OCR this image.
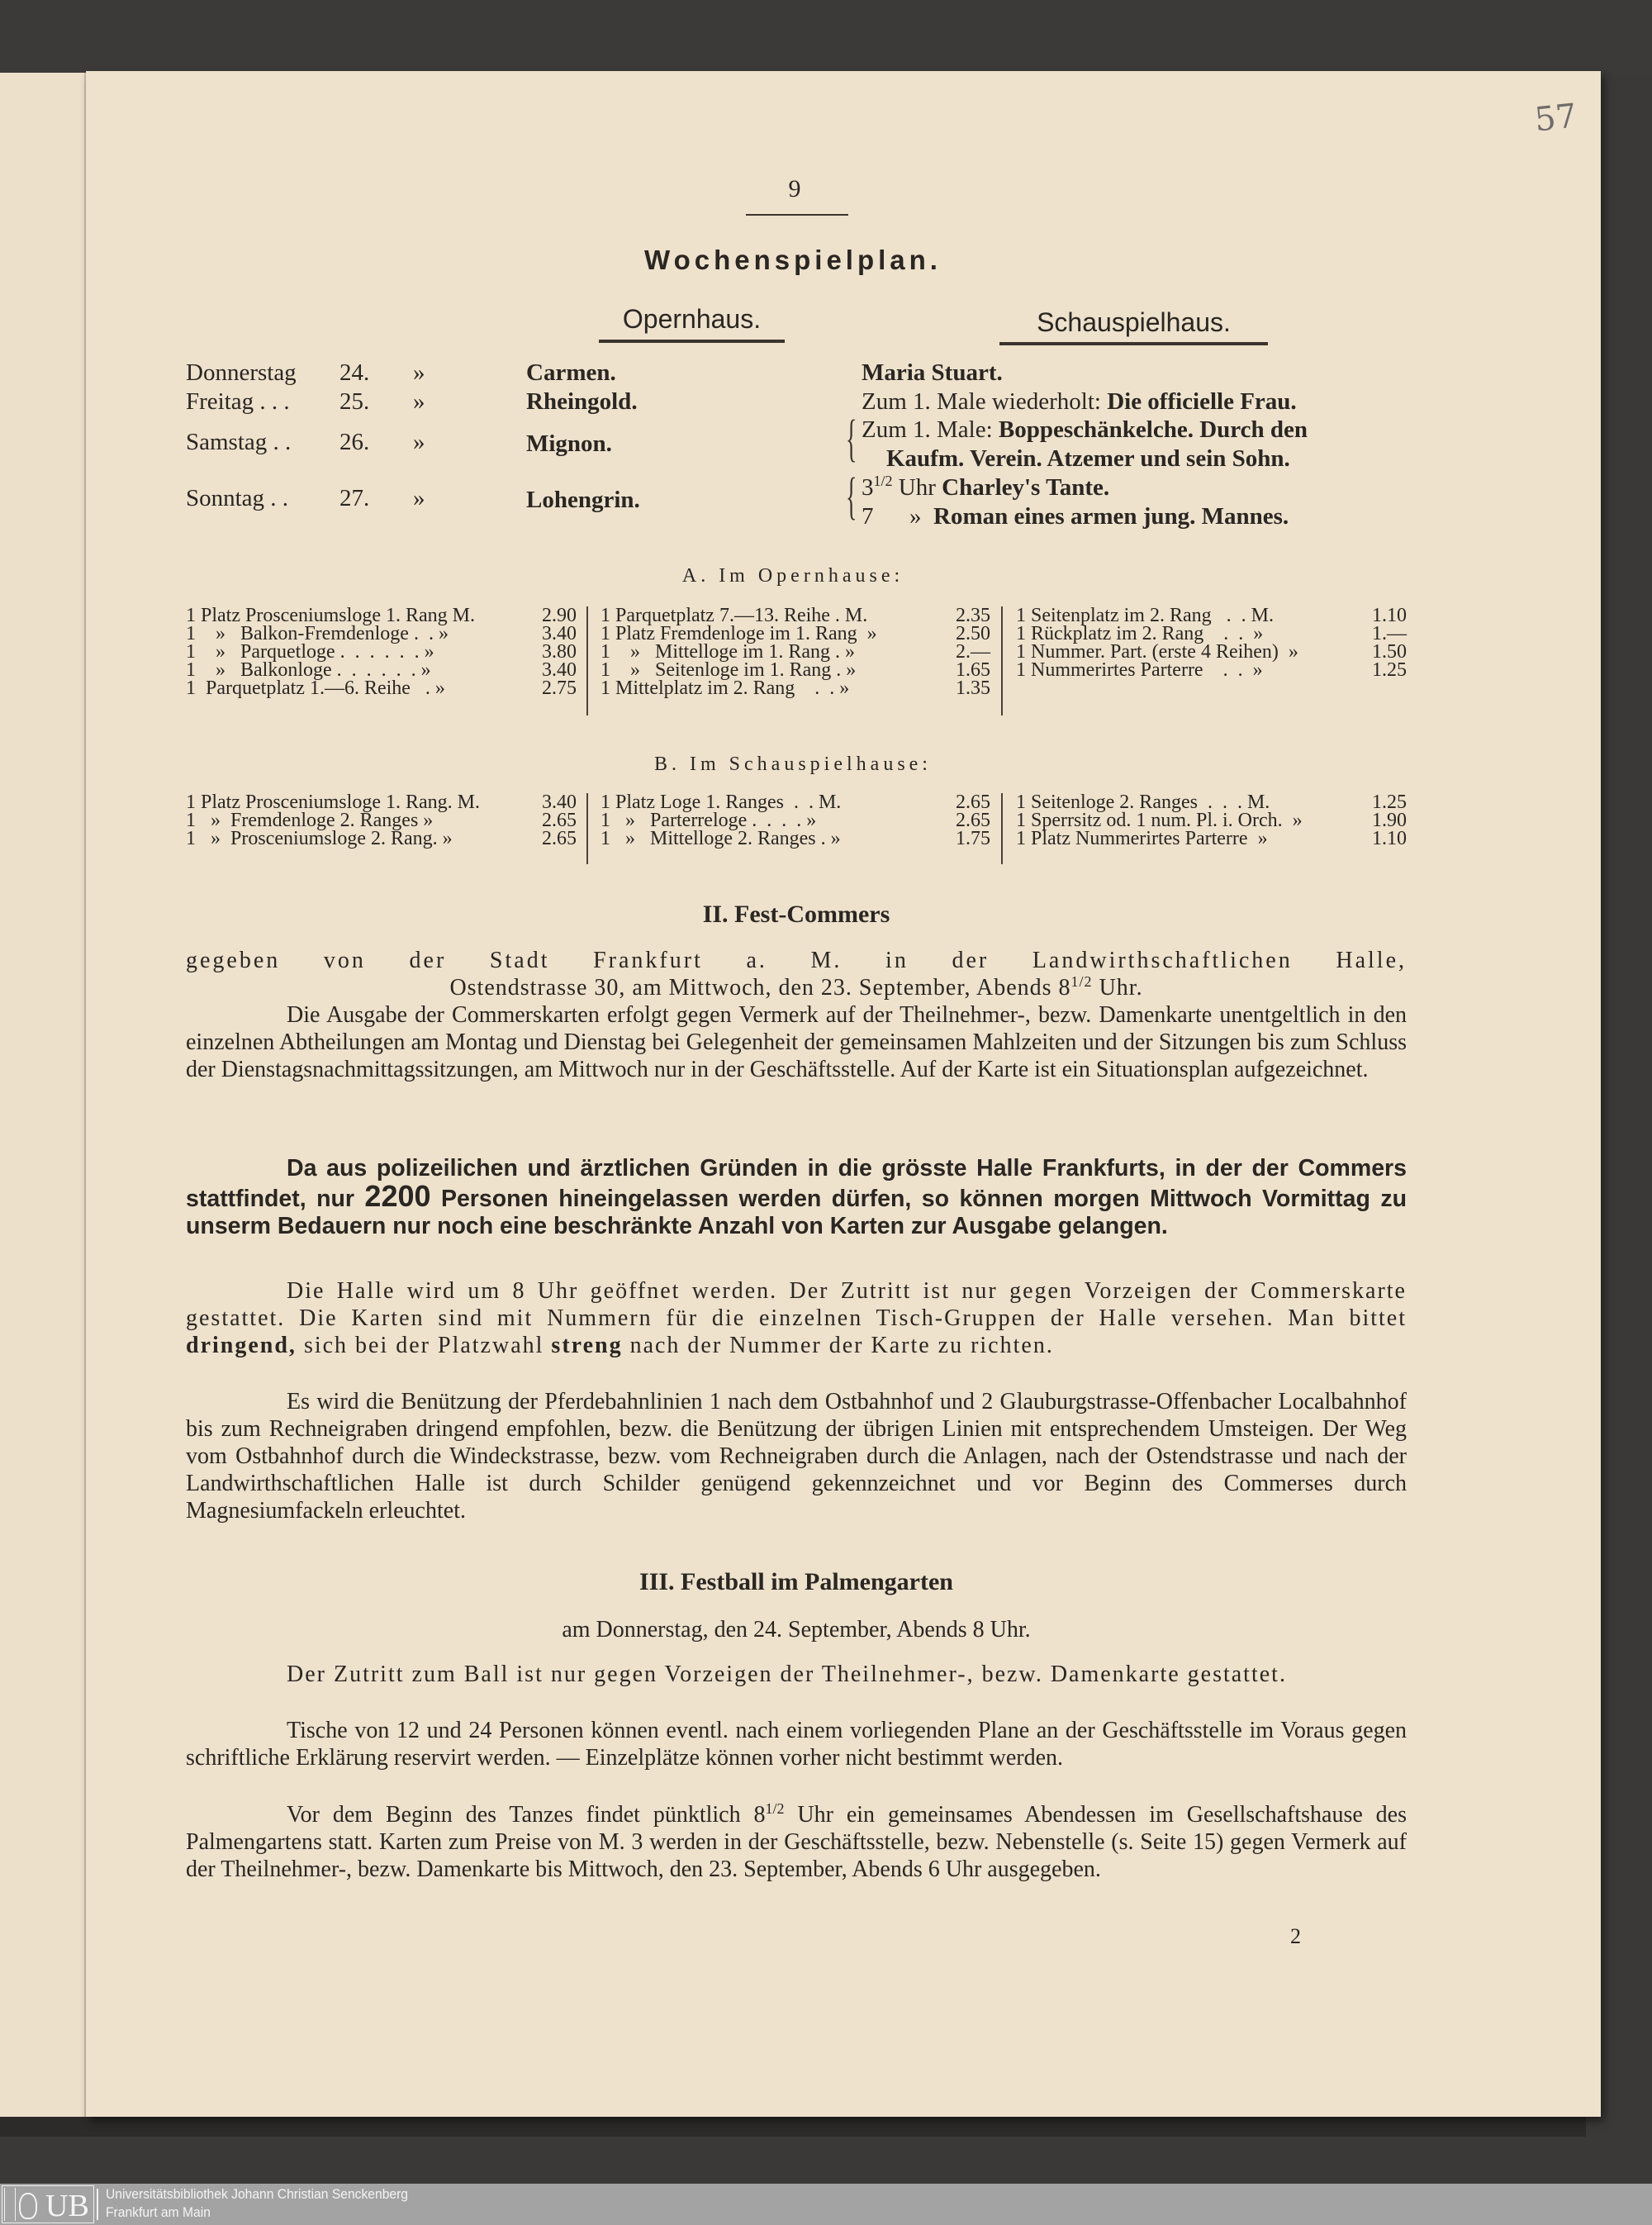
57
9
Wochenspielplan.
Opernhaus.	Schauspielhaus.
Donnerstag 24. »	Carmen.	Maria Stuart.
Freitag . . . 25. »	Rheingold.	Zum 1. Male wiederholt: Die officielle Frau.
Samstag . . 26. »	Mignon.	{ Zum 1. Male: Boppeschänkelche. Durch den
Kaufm. Verein. Atzemer und sein Sohn.
Sonntag . . 27. »	Lohengrin.	{ $3^{1/2}$ Uhr Charley's Tante.
7      »  Roman eines armen jung. Mannes.
A. Im Opernhause:
1 Platz Prosceniumsloge 1. Rang M.	2.90
1    »   Balkon-Fremdenloge .  . »	3.40
1    »   Parquetloge .  .  .  .  .  . »	3.80
1    »   Balkonloge .  .  .  .  .  . »	3.40
1  Parquetplatz 1.—6. Reihe   . »	2.75
1 Parquetplatz 7.—13. Reihe . M.	2.35
1 Platz Fremdenloge im 1. Rang  »	2.50
1    »   Mittelloge im 1. Rang . »	2.—
1    »   Seitenloge im 1. Rang . »	1.65
1 Mittelplatz im 2. Rang    .  . »	1.35
1 Seitenplatz im 2. Rang   .  . M.	1.10
1 Rückplatz im 2. Rang    .  .  »	1.—
1 Nummer. Part. (erste 4 Reihen)  »	1.50
1 Nummerirtes Parterre    .  .  »	1.25
B. Im Schauspielhause:
1 Platz Prosceniumsloge 1. Rang. M.	3.40
1   »  Fremdenloge 2. Ranges »	2.65
1   »  Prosceniumsloge 2. Rang. »	2.65
1 Platz Loge 1. Ranges  .  . M.	2.65
1   »   Parterreloge .  .  .  . »	2.65
1   »   Mittelloge 2. Ranges . »	1.75
1 Seitenloge 2. Ranges  .  .  . M.	1.25
1 Sperrsitz od. 1 num. Pl. i. Orch.  »	1.90
1 Platz Nummerirtes Parterre  »	1.10
II. Fest-Commers
gegeben von der Stadt Frankfurt a. M. in der Landwirthschaftlichen Halle,
Ostendstrasse 30, am Mittwoch, den 23. September, Abends $8^{1/2}$ Uhr.
Die Ausgabe der Commerskarten erfolgt gegen Vermerk auf der Theilnehmer-, bezw. Damenkarte unentgeltlich in den einzelnen Abtheilungen am Montag und Dienstag bei Gelegenheit der gemeinsamen Mahlzeiten und der Sitzungen bis zum Schluss der Dienstagsnachmittagssitzungen, am Mittwoch nur in der Geschäftsstelle. Auf der Karte ist ein Situationsplan aufgezeichnet.
Da aus polizeilichen und ärztlichen Gründen in die grösste Halle Frankfurts, in der der Commers stattfindet, nur 2200 Personen hineingelassen werden dürfen, so können morgen Mittwoch Vormittag zu unserm Bedauern nur noch eine beschränkte Anzahl von Karten zur Ausgabe gelangen.
Die Halle wird um 8 Uhr geöffnet werden. Der Zutritt ist nur gegen Vorzeigen der Commerskarte gestattet. Die Karten sind mit Nummern für die einzelnen Tisch-Gruppen der Halle versehen. Man bittet dringend, sich bei der Platzwahl streng nach der Nummer der Karte zu richten.
Es wird die Benützung der Pferdebahnlinien 1 nach dem Ostbahnhof und 2 Glauburgstrasse-Offenbacher Localbahnhof bis zum Rechneigraben dringend empfohlen, bezw. die Benützung der übrigen Linien mit entsprechendem Umsteigen. Der Weg vom Ostbahnhof durch die Windeckstrasse, bezw. vom Rechneigraben durch die Anlagen, nach der Ostendstrasse und nach der Landwirthschaftlichen Halle ist durch Schilder genügend gekennzeichnet und vor Beginn des Commerses durch Magnesiumfackeln erleuchtet.
III. Festball im Palmengarten
am Donnerstag, den 24. September, Abends 8 Uhr.
Der Zutritt zum Ball ist nur gegen Vorzeigen der Theilnehmer-, bezw. Damenkarte gestattet.
Tische von 12 und 24 Personen können eventl. nach einem vorliegenden Plane an der Geschäftsstelle im Voraus gegen schriftliche Erklärung reservirt werden. — Einzelplätze können vorher nicht bestimmt werden.
Vor dem Beginn des Tanzes findet pünktlich $8^{1/2}$ Uhr ein gemeinsames Abendessen im Gesellschaftshause des Palmengartens statt. Karten zum Preise von M. 3 werden in der Geschäftsstelle, bezw. Nebenstelle (s. Seite 15) gegen Vermerk auf der Theilnehmer-, bezw. Damenkarte bis Mittwoch, den 23. September, Abends 6 Uhr ausgegeben.
2
UB Universitätsbibliothek Johann Christian Senckenberg
Frankfurt am Main
